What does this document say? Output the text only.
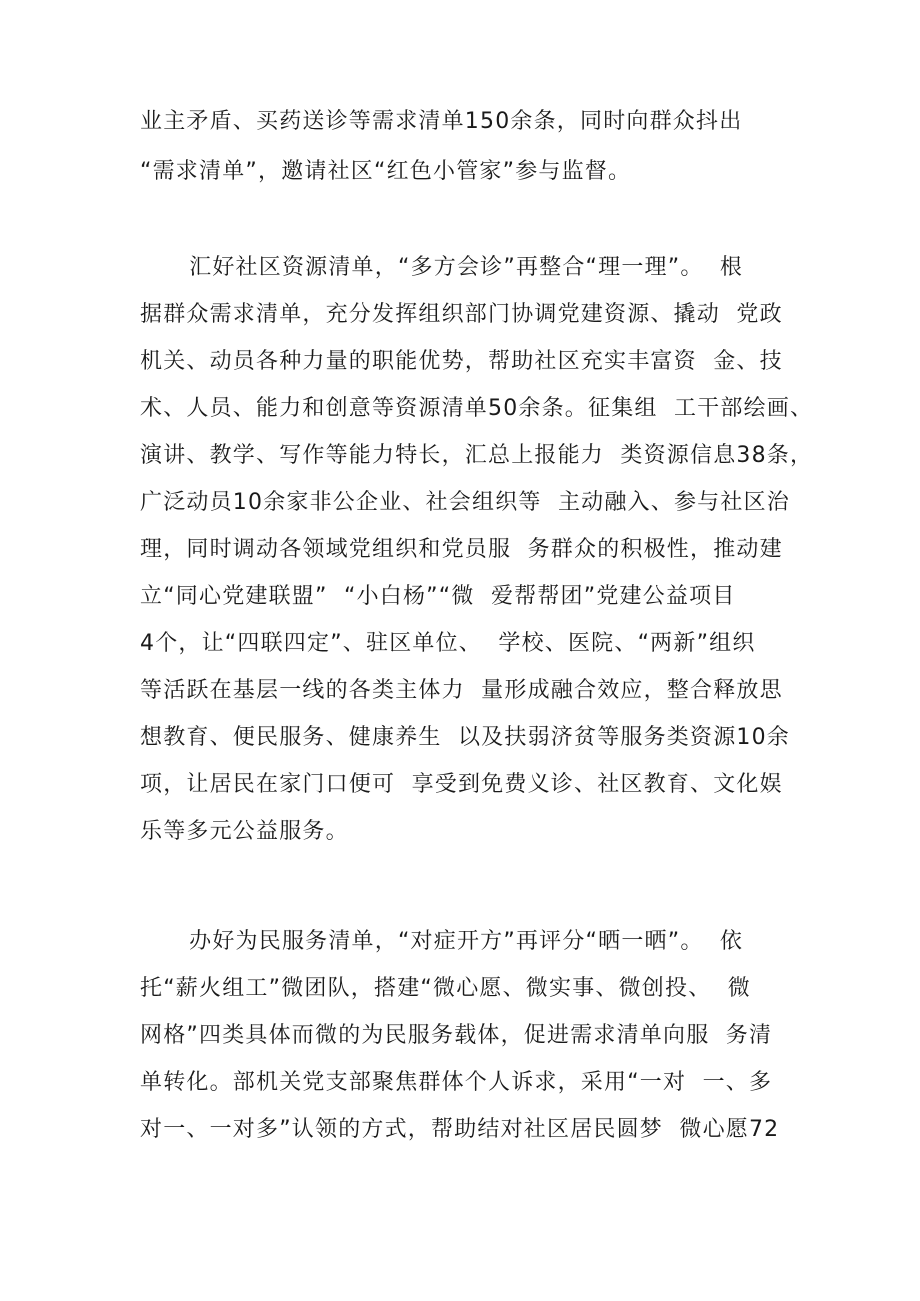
业主矛盾、买药送诊等需求清单150余条，同时向群众抖出
“需求清单”，邀请社区“红色小管家”参与监督。
汇好社区资源清单，“多方会诊”再整合“理一理”。  根
据群众需求清单，充分发挥组织部门协调党建资源、撬动  党政
机关、动员各种力量的职能优势，帮助社区充实丰富资  金、技
术、人员、能力和创意等资源清单50余条。征集组  工干部绘画、
演讲、教学、写作等能力特长，汇总上报能力  类资源信息38条，
广泛动员10余家非公企业、社会组织等  主动融入、参与社区治
理，同时调动各领域党组织和党员服  务群众的积极性，推动建
立“同心党建联盟”  “小白杨”“微  爱帮帮团”党建公益项目
4个，让“四联四定”、驻区单位、  学校、医院、“两新”组织
等活跃在基层一线的各类主体力  量形成融合效应，整合释放思
想教育、便民服务、健康养生  以及扶弱济贫等服务类资源10余
项，让居民在家门口便可  享受到免费义诊、社区教育、文化娱
乐等多元公益服务。
办好为民服务清单，“对症开方”再评分“晒一晒”。  依
托“薪火组工”微团队，搭建“微心愿、微实事、微创投、  微
网格”四类具体而微的为民服务载体，促进需求清单向服  务清
单转化。部机关党支部聚焦群体个人诉求，采用“一对  一、多
对一、一对多”认领的方式，帮助结对社区居民圆梦  微心愿72
